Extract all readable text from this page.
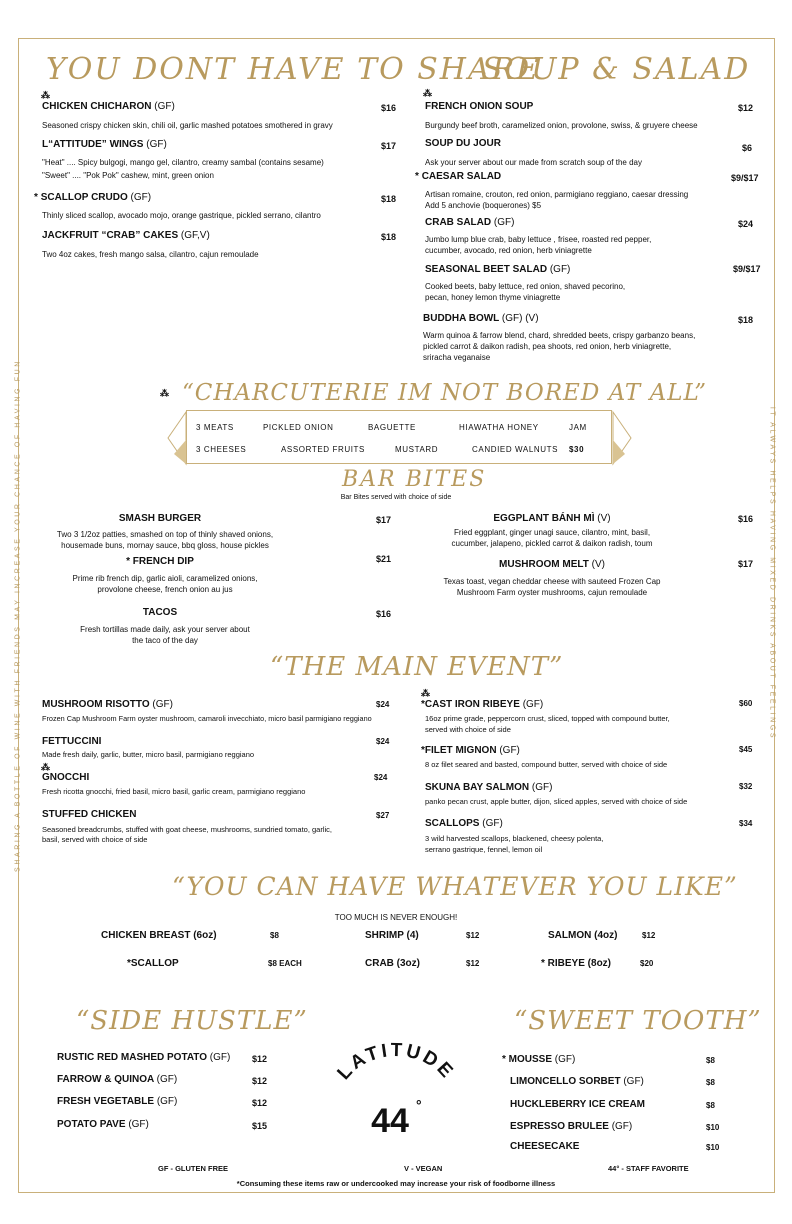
SHARING A BOTTLE OF WINE WITH FRIENDS MAY INCREASE YOUR CHANCE OF HAVING FUN	IT ALWAYS HELPS HAVING MIXED DRINKS ABOUT FEELINGS
YOU DONT HAVE TO SHARE
⁂
CHICKEN CHICHARON (GF)	$16
Seasoned crispy chicken skin, chili oil, garlic mashed potatoes smothered in gravy
L“ATTITUDE” WINGS (GF)	$17
"Heat" .... Spicy bulgogi, mango gel, cilantro, creamy sambal (contains sesame)
"Sweet" .... "Pok Pok" cashew, mint, green onion
* SCALLOP CRUDO (GF)	$18
Thinly sliced scallop, avocado mojo, orange gastrique, pickled serrano, cilantro
JACKFRUIT “CRAB” CAKES (GF,V)	$18
Two 4oz cakes, fresh mango salsa, cilantro, cajun remoulade
SOUP & SALAD
⁂
FRENCH ONION SOUP	$12
Burgundy beef broth, caramelized onion, provolone, swiss, & gruyere cheese
SOUP DU JOUR	$6
Ask your server about our made from scratch soup of the day
* CAESAR SALAD	$9/$17
Artisan romaine, crouton, red onion, parmigiano reggiano, caesar dressing
Add 5 anchovie (boquerones) $5
CRAB SALAD (GF)	$24
Jumbo lump blue crab, baby lettuce , frisee, roasted red pepper,
cucumber, avocado, red onion, herb viniagrette
SEASONAL BEET SALAD (GF)	$9/$17
Cooked beets, baby lettuce, red onion, shaved pecorino,
pecan, honey lemon thyme viniagrette
BUDDHA BOWL (GF) (V)	$18
Warm quinoa & farrow blend, chard, shredded beets, crispy garbanzo beans,
pickled carrot & daikon radish, pea shoots, red onion, herb viniagrette,
sriracha veganaise
⁂ “CHARCUTERIE IM NOT BORED AT ALL”
3 MEATS	PICKLED ONION	BAGUETTE	HIAWATHA HONEY	JAM
3 CHEESES	ASSORTED FRUITS	MUSTARD	CANDIED WALNUTS $30
BAR BITES
Bar Bites served with choice of side
SMASH BURGER	$17
Two 3 1/2oz patties, smashed on top of thinly shaved onions,
housemade buns, mornay sauce, bbq gloss, house pickles
* FRENCH DIP	$21
Prime rib french dip, garlic aioli, caramelized onions,
provolone cheese, french onion au jus
TACOS	$16
Fresh tortillas made daily, ask your server about
the taco of the day
EGGPLANT BÁNH MÌ (V)	$16
Fried eggplant, ginger unagi sauce, cilantro, mint, basil,
cucumber, jalapeno, pickled carrot & daikon radish, toum
MUSHROOM MELT (V)	$17
Texas toast, vegan cheddar cheese with sauteed Frozen Cap
Mushroom Farm oyster mushrooms, cajun remoulade
“THE MAIN EVENT”
MUSHROOM RISOTTO (GF)	$24
Frozen Cap Mushroom Farm oyster mushroom, camaroli invecchiato, micro basil parmigiano reggiano
FETTUCCINI	$24
Made fresh daily, garlic, butter, micro basil, parmigiano reggiano
⁂
GNOCCHI	$24
Fresh ricotta gnocchi, fried basil, micro basil, garlic cream, parmigiano reggiano
STUFFED CHICKEN	$27
Seasoned breadcrumbs, stuffed with goat cheese, mushrooms, sundried tomato, garlic,
basil, served with choice of side
⁂
*CAST IRON RIBEYE (GF)	$60
16oz prime grade, peppercorn crust, sliced, topped with compound butter,
served with choice of side
*FILET MIGNON (GF)	$45
8 oz filet seared and basted, compound butter, served with choice of side
SKUNA BAY SALMON (GF)	$32
panko pecan crust, apple butter, dijon, sliced apples, served with choice of side
SCALLOPS (GF)	$34
3 wild harvested scallops, blackened, cheesy polenta,
serrano gastrique, fennel, lemon oil
“YOU CAN HAVE WHATEVER YOU LIKE”
TOO MUCH IS NEVER ENOUGH!
CHICKEN BREAST (6oz)	$8	SHRIMP (4)	$12	SALMON (4oz)	$12
*SCALLOP	$8 EACH	CRAB (3oz)	$12	* RIBEYE (8oz)	$20
“SIDE HUSTLE”
RUSTIC RED MASHED POTATO (GF) $12
FARROW & QUINOA (GF)	$12
FRESH VEGETABLE (GF)	$12
POTATO PAVE (GF)	$15
LATITUDE
44 °
“SWEET TOOTH”
* MOUSSE (GF)	$8
LIMONCELLO SORBET (GF)	$8
HUCKLEBERRY ICE CREAM	$8
ESPRESSO BRULEE (GF)	$10
CHEESECAKE	$10
GF - GLUTEN FREE	V - VEGAN	44° - STAFF FAVORITE
*Consuming these items raw or undercooked may increase your risk of foodborne illness
